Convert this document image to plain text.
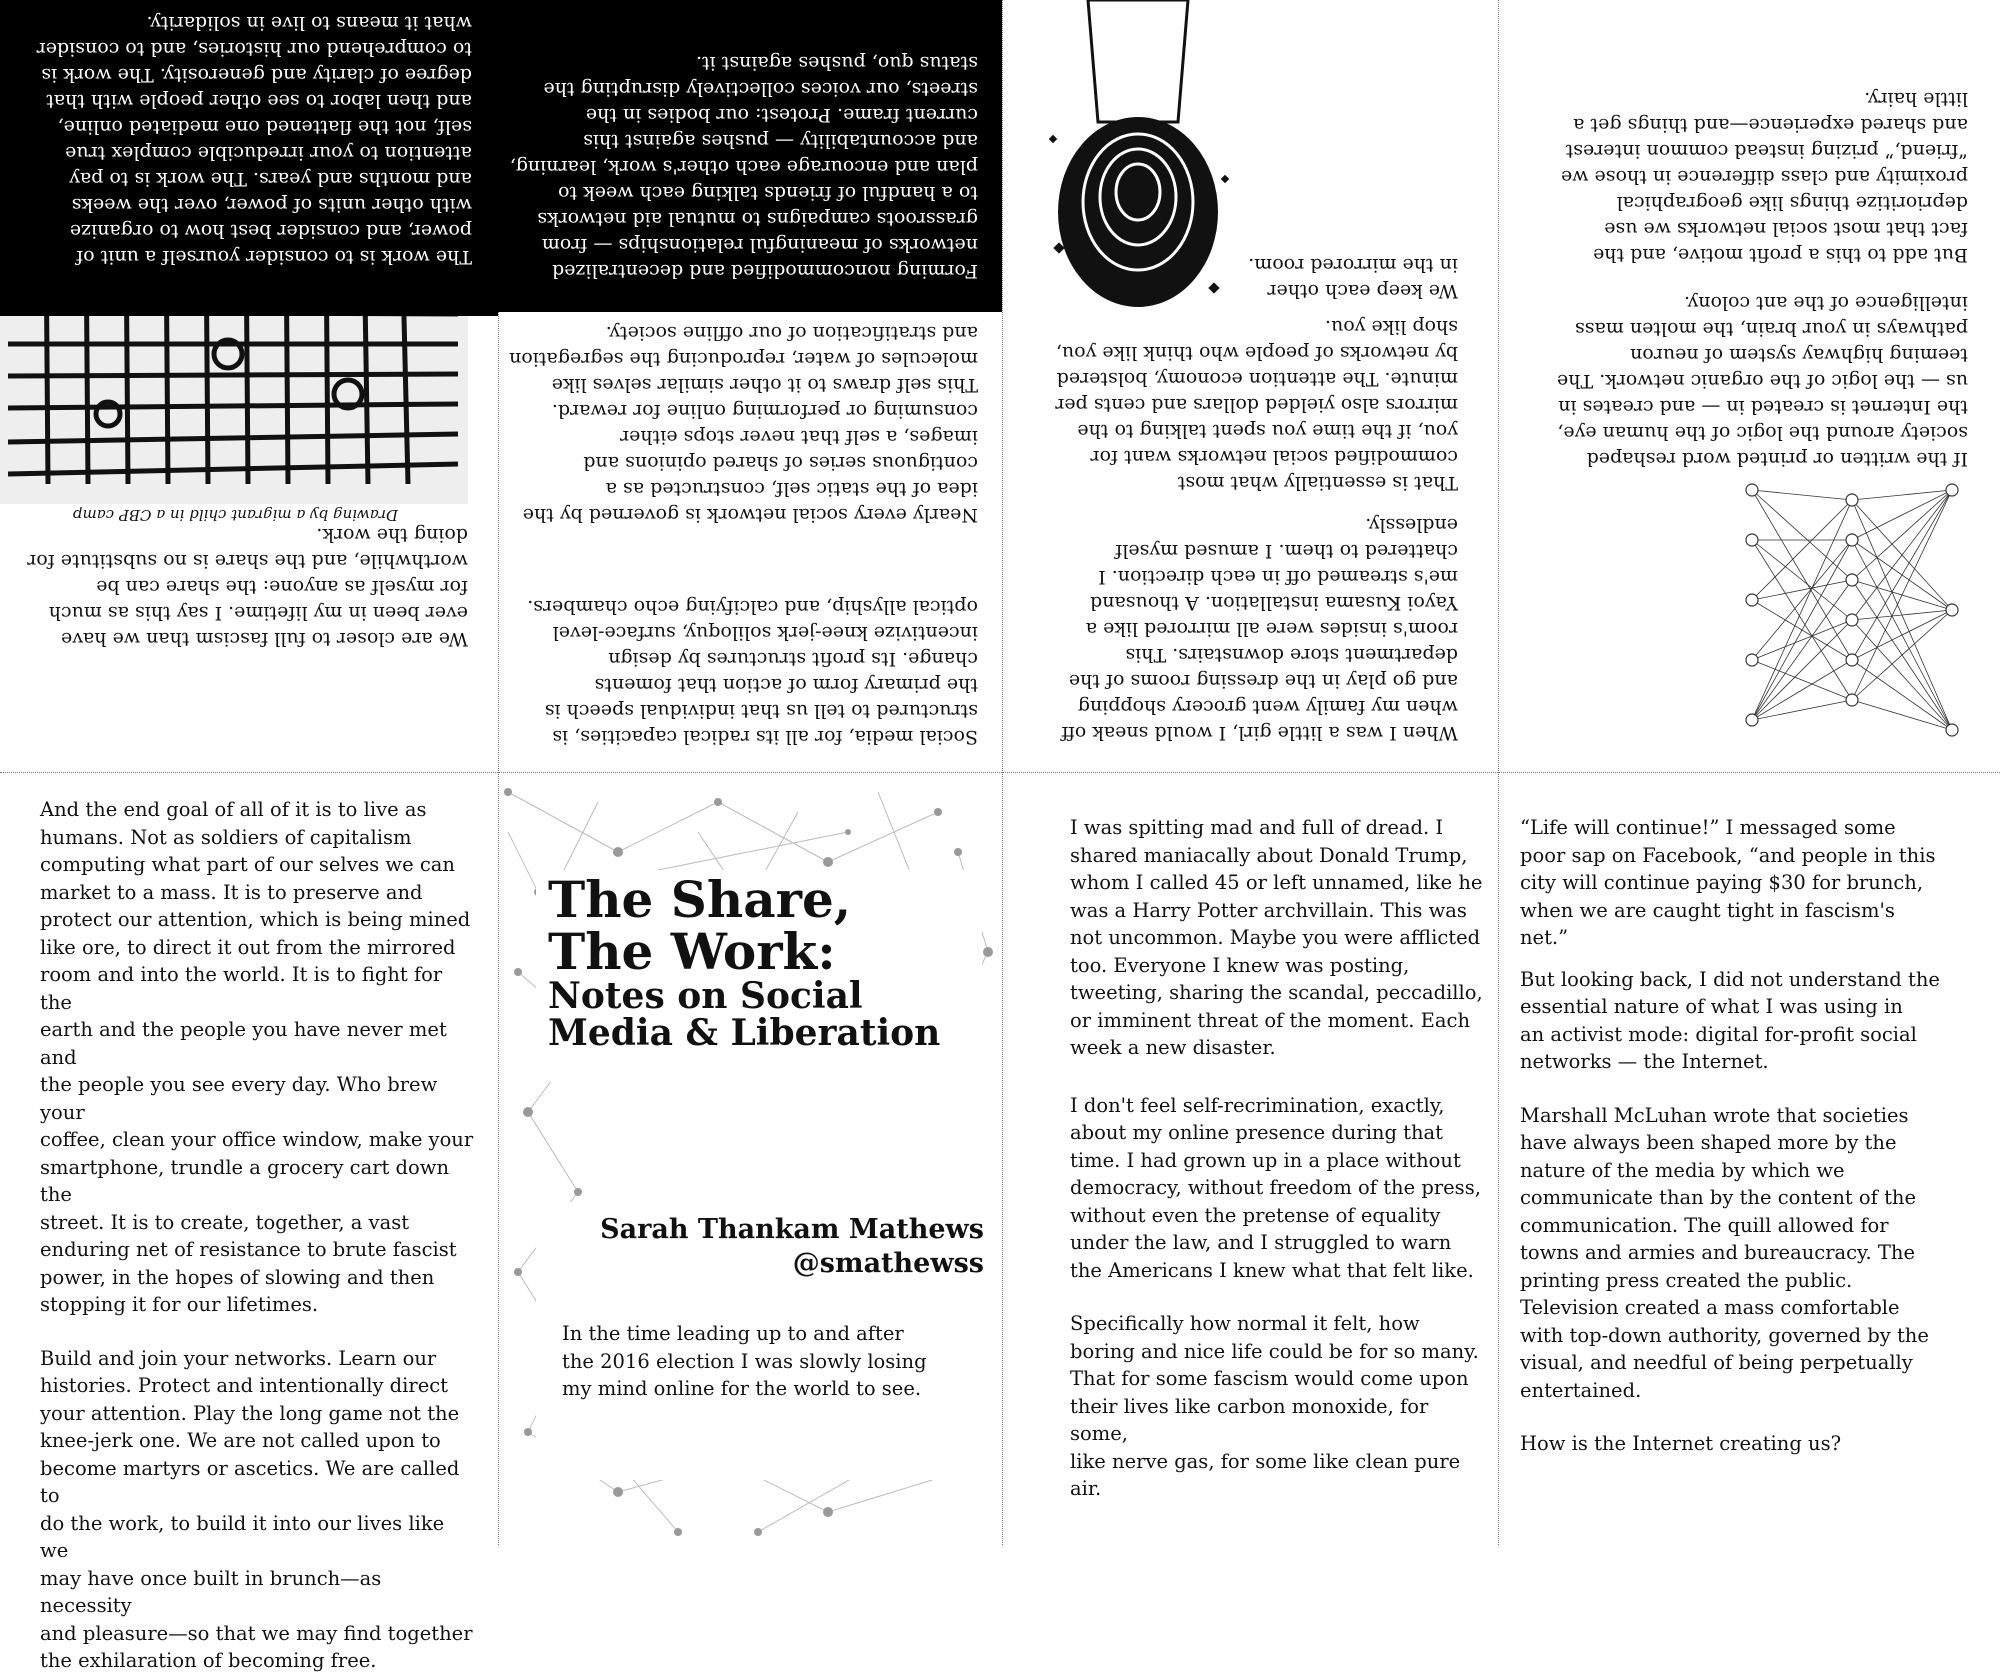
Drawing by a migrant child in a CBP camp

We are closer to full fascism than we have
ever been in my lifetime. I say this as much
for myself as anyone: the share can be
worthwhile, and the share is no substitute for
doing the work.

The work is to consider yourself a unit of
power, and consider best how to organize
with other units of power, over the weeks
and months and years. The work is to pay
attention to your irreducible complex true
self, not the flattened one mediated online,
and then labor to see other people with that
degree of clarity and generosity. The work is
to comprehend our histories, and to consider
what it means to live in solidarity.

Social media, for all its radical capacities, is
structured to tell us that individual speech is
the primary form of action that foments
change. Its profit structures by design
incentivize knee-jerk soliloquy, surface-level
optical allyship, and calcifying echo chambers.

Nearly every social network is governed by the
idea of the static self, constructed as a
contiguous series of shared opinions and
images, a self that never stops either
consuming or performing online for reward.
This self draws to it other similar selves like
molecules of water, reproducing the segregation
and stratification of our offline society.

Forming noncommodified and decentralized
networks of meaningful relationships — from
grassroots campaigns to mutual aid networks
to a handful of friends talking each week to
plan and encourage each other's work, learning,
and accountability — pushes against this
current frame. Protest: our bodies in the
streets, our voices collectively disrupting the
status quo, pushes against it.

When I was a little girl, I would sneak off
when my family went grocery shopping
and go play in the dressing rooms of the
department store downstairs. This
room's insides were all mirrored like a
Yayoi Kusama installation. A thousand
me's streamed off in each direction. I
chattered to them. I amused myself
endlessly.

That is essentially what most
commodified social networks want for
you, if the time you spent talking to the
mirrors also yielded dollars and cents per
minute. The attention economy, bolstered
by networks of people who think like you,
shop like you.

We keep each other
in the mirrored room.

If the written or printed word reshaped
society around the logic of the human eye,
the Internet is created in — and creates in
us — the logic of the organic network. The
teeming highway system of neuron
pathways in your brain, the molten mass
intelligence of the ant colony.

But add to this a profit motive, and the
fact that most social networks we use
deprioritize things like geographical
proximity and class difference in those we
“friend,” prizing instead common interest
and shared experience—and things get a
little hairy.

And the end goal of all of it is to live as
humans. Not as soldiers of capitalism
computing what part of our selves we can
market to a mass. It is to preserve and
protect our attention, which is being mined
like ore, to direct it out from the mirrored
room and into the world. It is to fight for the
earth and the people you have never met and
the people you see every day. Who brew your
coffee, clean your office window, make your
smartphone, trundle a grocery cart down the
street. It is to create, together, a vast
enduring net of resistance to brute fascist
power, in the hopes of slowing and then
stopping it for our lifetimes.

Build and join your networks. Learn our
histories. Protect and intentionally direct
your attention. Play the long game not the
knee-jerk one. We are not called upon to
become martyrs or ascetics. We are called to
do the work, to build it into our lives like we
may have once built in brunch—as necessity
and pleasure—so that we may find together
the exhilaration of becoming free.

The Share,

The Work:

Notes on Social

Media & Liberation

Sarah Thankam Mathews

@smathewss

In the time leading up to and after
the 2016 election I was slowly losing
my mind online for the world to see.

I was spitting mad and full of dread. I
shared maniacally about Donald Trump,
whom I called 45 or left unnamed, like he
was a Harry Potter archvillain. This was
not uncommon. Maybe you were afflicted
too. Everyone I knew was posting,
tweeting, sharing the scandal, peccadillo,
or imminent threat of the moment. Each
week a new disaster.

I don't feel self-recrimination, exactly,
about my online presence during that
time. I had grown up in a place without
democracy, without freedom of the press,
without even the pretense of equality
under the law, and I struggled to warn
the Americans I knew what that felt like.

Specifically how normal it felt, how
boring and nice life could be for so many.
That for some fascism would come upon
their lives like carbon monoxide, for some,
like nerve gas, for some like clean pure
air.

“Life will continue!” I messaged some
poor sap on Facebook, “and people in this
city will continue paying $30 for brunch,
when we are caught tight in fascism's
net.”

But looking back, I did not understand the
essential nature of what I was using in
an activist mode: digital for-profit social
networks — the Internet.

Marshall McLuhan wrote that societies
have always been shaped more by the
nature of the media by which we
communicate than by the content of the
communication. The quill allowed for
towns and armies and bureaucracy. The
printing press created the public.
Television created a mass comfortable
with top-down authority, governed by the
visual, and needful of being perpetually
entertained.

How is the Internet creating us?
